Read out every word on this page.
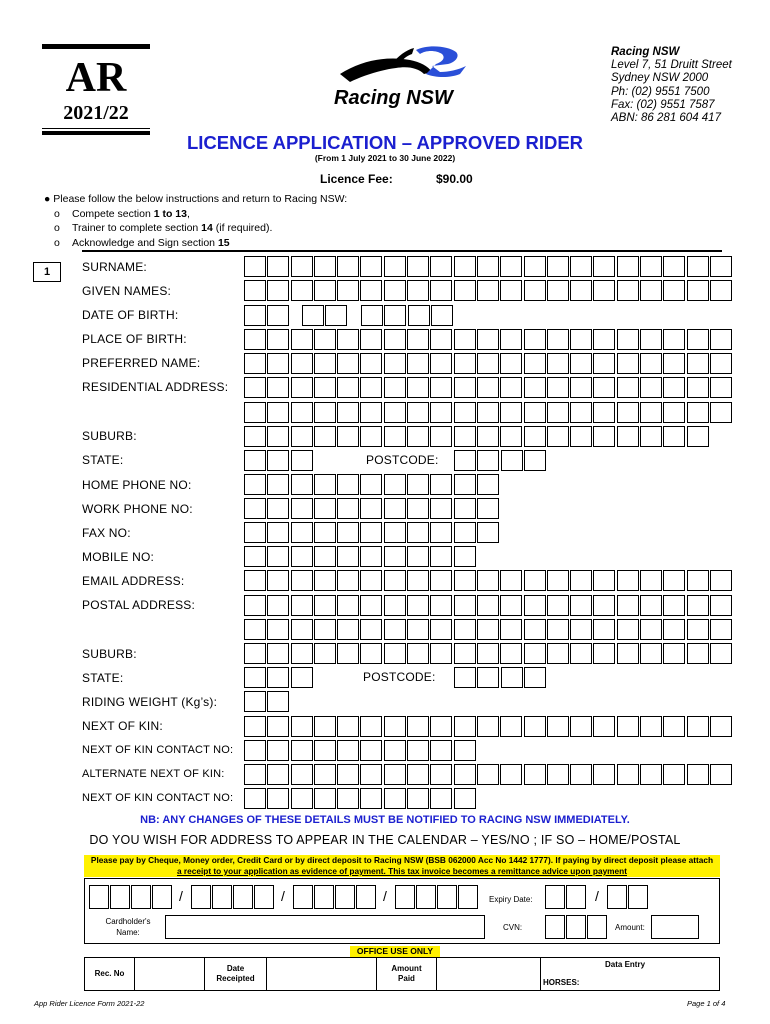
AR
2021/22
Racing NSW
Racing NSW
Level 7, 51 Druitt Street
Sydney NSW 2000
Ph: (02) 9551 7500
Fax: (02) 9551 7587
ABN: 86 281 604 417
LICENCE APPLICATION – APPROVED RIDER
(From 1 July 2021 to 30 June 2022)
Licence Fee:	$90.00
● Please follow the below instructions and return to Racing NSW:
o Compete section 1 to 13,
o Trainer to complete section 14 (if required).
o Acknowledge and Sign section 15
1	SURNAME:
GIVEN NAMES:
DATE OF BIRTH:
PLACE OF BIRTH:
PREFERRED NAME:
RESIDENTIAL ADDRESS:
SUBURB:
STATE:	POSTCODE:
HOME PHONE NO:
WORK PHONE NO:
FAX NO:
MOBILE NO:
EMAIL ADDRESS:
POSTAL ADDRESS:
SUBURB:
STATE:	POSTCODE:
RIDING WEIGHT (Kg’s):
NEXT OF KIN:
NEXT OF KIN CONTACT NO:
ALTERNATE NEXT OF KIN:
NEXT OF KIN CONTACT NO:
NB: ANY CHANGES OF THESE DETAILS MUST BE NOTIFIED TO RACING NSW IMMEDIATELY.
DO YOU WISH FOR ADDRESS TO APPEAR IN THE CALENDAR – YES/NO ; IF SO – HOME/POSTAL
Please pay by Cheque, Money order, Credit Card or by direct deposit to Racing NSW (BSB 062000 Acc No 1442 1777). If paying by direct deposit please attach
a receipt to your application as evidence of payment. This tax invoice becomes a remittance advice upon payment
/	/	/	Expiry Date:	/
Cardholder's
Name:
CVN:	Amount:
OFFICE USE ONLY
Rec. No
Date
Receipted
Amount
Paid
Data Entry
HORSES:
App Rider Licence Form 2021-22	Page 1 of 4
